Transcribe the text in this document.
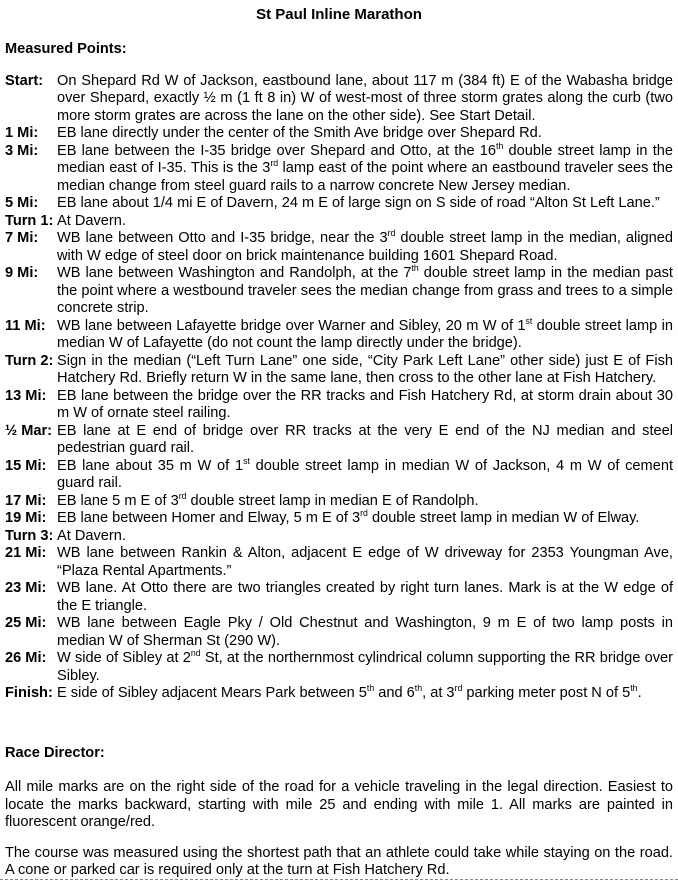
St Paul Inline Marathon
Measured Points:
Start: On Shepard Rd W of Jackson, eastbound lane, about 117 m (384 ft) E of the Wabasha bridge over Shepard, exactly ½ m (1 ft 8 in) W of west-most of three storm grates along the curb (two more storm grates are across the lane on the other side). See Start Detail.
1 Mi:	EB lane directly under the center of the Smith Ave bridge over Shepard Rd.
3 Mi:	EB lane between the I-35 bridge over Shepard and Otto, at the 16th double street lamp in the median east of I-35. This is the 3rd lamp east of the point where an eastbound traveler sees the median change from steel guard rails to a narrow concrete New Jersey median.
5 Mi:	EB lane about 1/4 mi E of Davern, 24 m E of large sign on S side of road “Alton St Left Lane.”
Turn 1: At Davern.
7 Mi:	WB lane between Otto and I-35 bridge, near the 3rd double street lamp in the median, aligned with W edge of steel door on brick maintenance building 1601 Shepard Road.
9 Mi:	WB lane between Washington and Randolph, at the 7th double street lamp in the median past the point where a westbound traveler sees the median change from grass and trees to a simple concrete strip.
11 Mi: WB lane between Lafayette bridge over Warner and Sibley, 20 m W of 1st double street lamp in median W of Lafayette (do not count the lamp directly under the bridge).
Turn 2: Sign in the median (“Left Turn Lane” one side, “City Park Left Lane” other side) just E of Fish Hatchery Rd. Briefly return W in the same lane, then cross to the other lane at Fish Hatchery.
13 Mi: EB lane between the bridge over the RR tracks and Fish Hatchery Rd, at storm drain about 30 m W of ornate steel railing.
½ Mar: EB lane at E end of bridge over RR tracks at the very E end of the NJ median and steel pedestrian guard rail.
15 Mi: EB lane about 35 m W of 1st double street lamp in median W of Jackson, 4 m W of cement guard rail.
17 Mi: EB lane 5 m E of 3rd double street lamp in median E of Randolph.
19 Mi: EB lane between Homer and Elway, 5 m E of 3rd double street lamp in median W of Elway.
Turn 3: At Davern.
21 Mi: WB lane between Rankin & Alton, adjacent E edge of W driveway for 2353 Youngman Ave, “Plaza Rental Apartments.”
23 Mi: WB lane. At Otto there are two triangles created by right turn lanes. Mark is at the W edge of the E triangle.
25 Mi: WB lane between Eagle Pky / Old Chestnut and Washington, 9 m E of two lamp posts in median W of Sherman St (290 W).
26 Mi: W side of Sibley at 2nd St, at the northernmost cylindrical column supporting the RR bridge over Sibley.
Finish: E side of Sibley adjacent Mears Park between 5th and 6th, at 3rd parking meter post N of 5th.
Race Director:

All mile marks are on the right side of the road for a vehicle traveling in the legal direction. Easiest to locate the marks backward, starting with mile 25 and ending with mile 1. All marks are painted in fluorescent orange/red.

The course was measured using the shortest path that an athlete could take while staying on the road. A cone or parked car is required only at the turn at Fish Hatchery Rd.
